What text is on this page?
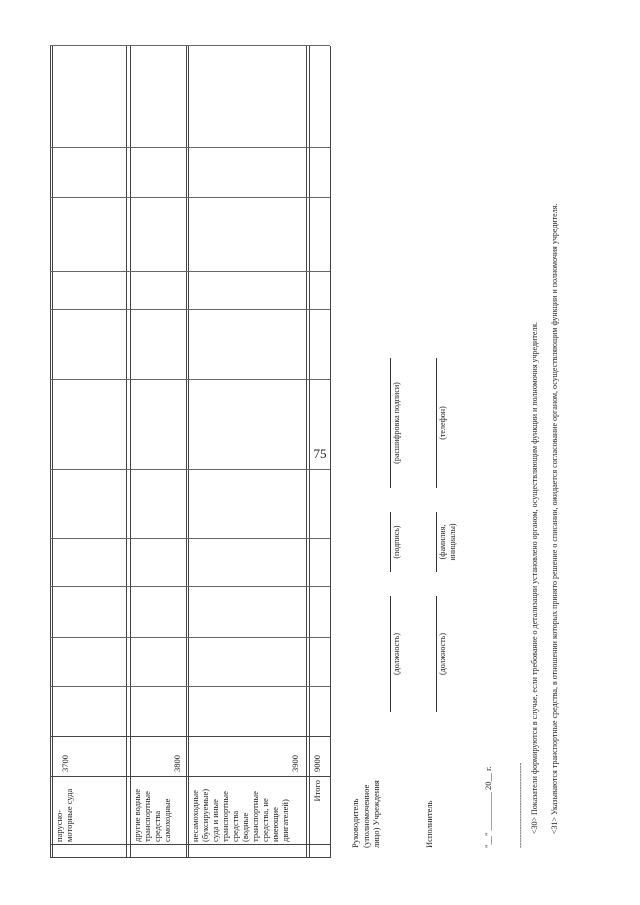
75
парусно-моторные суда
3700
другие водные транспортные средства самоходные
3800
несамоходные (буксируемые) суда и иные транспортные средства (водные транспортные средства, не имеющие двигателей)
3900
Итого
9000
Руководитель (уполномоченное лицо) Учреждения
(должность)
(подпись)
(расшифровка подписи)
Исполнитель
(должность)
(фамилия, инициалы)
(телефон)
"__" _________ 20__ г.	-------------------------------- <30> Показатели формируются в случае, если требование о детализации установлено органом, осуществляющим функции и полномочия учредителя. <31> Указываются транспортные средства, в отношении которых принято решение о списании, ожидается согласование органом, осуществляющим функции и полномочия учредителя.
